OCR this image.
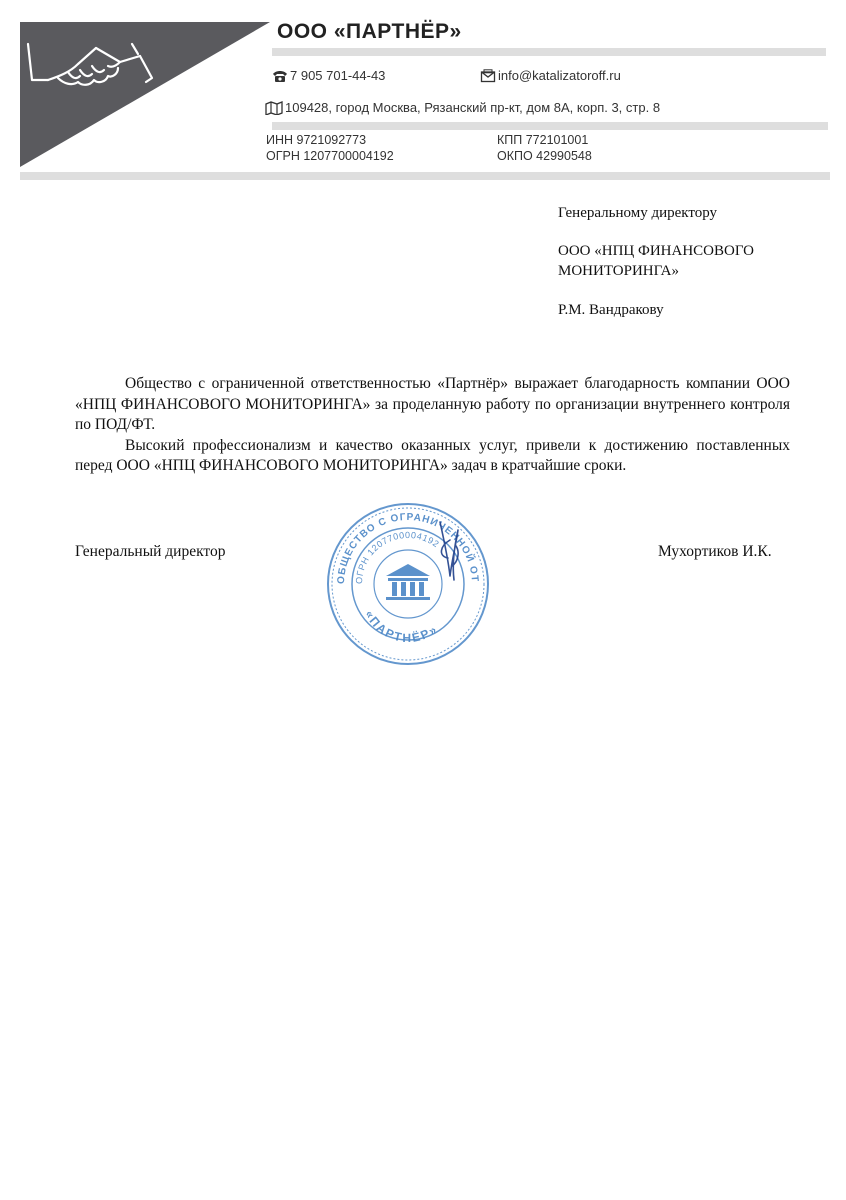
ООО «ПАРТНЁР»
7 905 701-44-43	info@katalizatoroff.ru
109428, город Москва, Рязанский пр-кт, дом 8А, корп. 3, стр. 8
ИНН 9721092773
ОГРН 1207700004192
КПП 772101001
ОКПО 42990548
Генеральному директору
ООО «НПЦ ФИНАНСОВОГО
МОНИТОРИНГА»
Р.М. Вандракову

Общество с ограниченной ответственностью «Партнёр» выражает благодарность компании ООО «НПЦ ФИНАНСОВОГО МОНИТОРИНГА» за проделанную работу по организации внутреннего контроля по ПОД/ФТ.

Высокий профессионализм и качество оказанных услуг, привели к достижению поставленных перед ООО «НПЦ ФИНАНСОВОГО МОНИТОРИНГА» задач в кратчайшие сроки.

Генеральный директор	Мухортиков И.К.
ОБЩЕСТВО С ОГРАНИЧЕННОЙ ОТ
ОГРН 1207700004192
«ПАРТНЁР»
